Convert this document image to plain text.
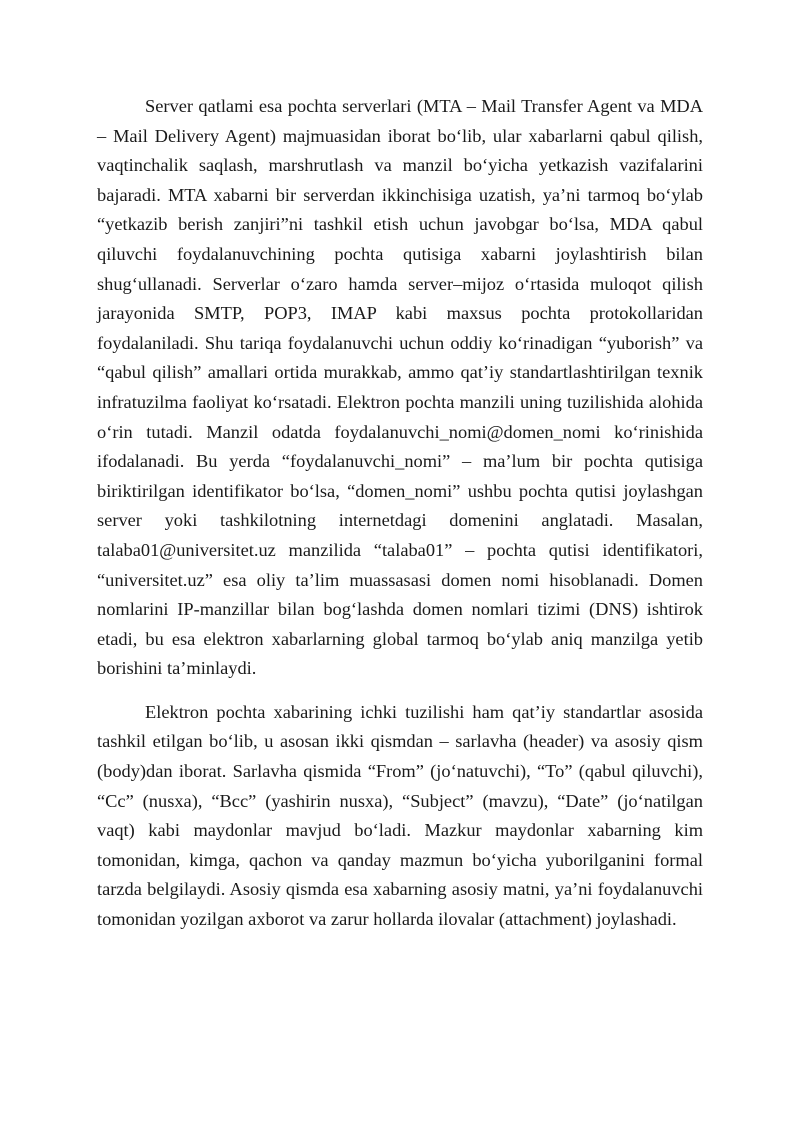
Server qatlami esa pochta serverlari (MTA – Mail Transfer Agent va MDA – Mail Delivery Agent) majmuasidan iborat bo‘lib, ular xabarlarni qabul qilish, vaqtinchalik saqlash, marshrutlash va manzil bo‘yicha yetkazish vazifalarini bajaradi. MTA xabarni bir serverdan ikkinchisiga uzatish, ya’ni tarmoq bo‘ylab “yetkazib berish zanjiri”ni tashkil etish uchun javobgar bo‘lsa, MDA qabul qiluvchi foydalanuvchining pochta qutisiga xabarni joylashtirish bilan shug‘ullanadi. Serverlar o‘zaro hamda server–mijoz o‘rtasida muloqot qilish jarayonida SMTP, POP3, IMAP kabi maxsus pochta protokollaridan foydalaniladi. Shu tariqa foydalanuvchi uchun oddiy ko‘rinadigan “yuborish” va “qabul qilish” amallari ortida murakkab, ammo qat’iy standartlashtirilgan texnik infratuzilma faoliyat ko‘rsatadi. Elektron pochta manzili uning tuzilishida alohida o‘rin tutadi. Manzil odatda foydalanuvchi_nomi@domen_nomi ko‘rinishida ifodalanadi. Bu yerda “foydalanuvchi_nomi” – ma’lum bir pochta qutisiga biriktirilgan identifikator bo‘lsa, “domen_nomi” ushbu pochta qutisi joylashgan server yoki tashkilotning internetdagi domenini anglatadi. Masalan, talaba01@universitet.uz manzilida “talaba01” – pochta qutisi identifikatori, “universitet.uz” esa oliy ta’lim muassasasi domen nomi hisoblanadi. Domen nomlarini IP-manzillar bilan bog‘lashda domen nomlari tizimi (DNS) ishtirok etadi, bu esa elektron xabarlarning global tarmoq bo‘ylab aniq manzilga yetib borishini ta’minlaydi.

Elektron pochta xabarining ichki tuzilishi ham qat’iy standartlar asosida tashkil etilgan bo‘lib, u asosan ikki qismdan – sarlavha (header) va asosiy qism (body)dan iborat. Sarlavha qismida “From” (jo‘natuvchi), “To” (qabul qiluvchi), “Cc” (nusxa), “Bcc” (yashirin nusxa), “Subject” (mavzu), “Date” (jo‘natilgan vaqt) kabi maydonlar mavjud bo‘ladi. Mazkur maydonlar xabarning kim tomonidan, kimga, qachon va qanday mazmun bo‘yicha yuborilganini formal tarzda belgilaydi. Asosiy qismda esa xabarning asosiy matni, ya’ni foydalanuvchi tomonidan yozilgan axborot va zarur hollarda ilovalar (attachment) joylashadi.
